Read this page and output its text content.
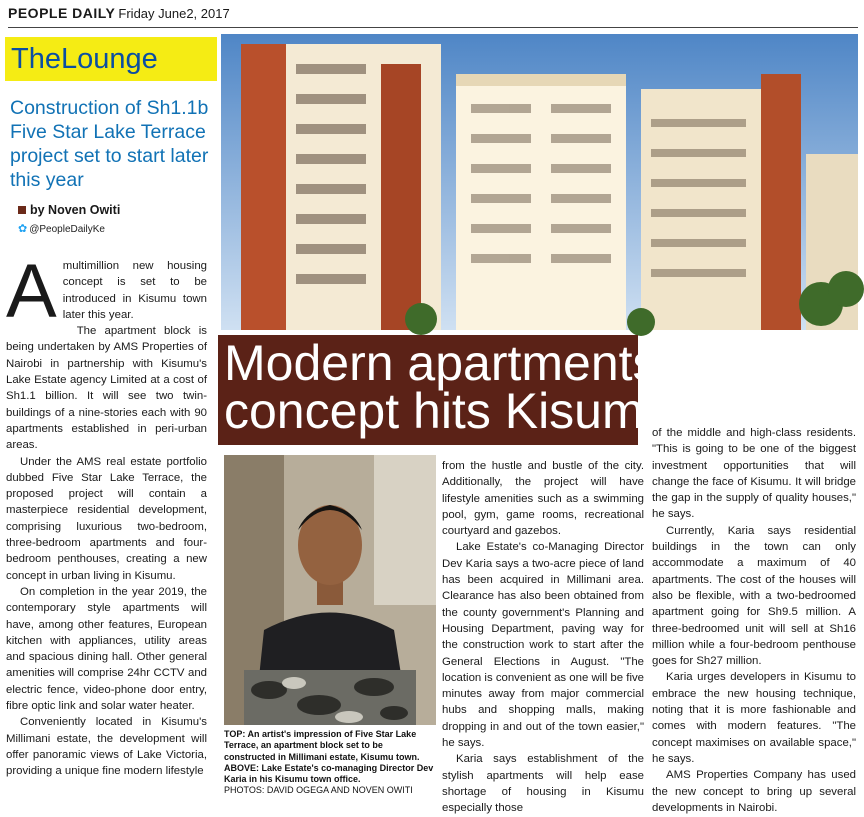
PEOPLE DAILY Friday June2, 2017
TheLounge
Construction of Sh1.1b Five Star Lake Terrace project set to start later this year
by Noven Owiti
✿ @PeopleDailyKe
Modern apartments
concept hits Kisumu
TOP: An artist's impression of Five Star Lake Terrace, an apartment block set to be constructed in Millimani estate, Kisumu town. ABOVE: Lake Estate's co-managing Director Dev Karia in his Kisumu town office.
PHOTOS: DAVID OGEGA AND NOVEN OWITI
A multimillion new housing concept is set to be introduced in Kisumu town later this year.

The apartment block is being undertaken by AMS Properties of Nairobi in partnership with Kisumu's Lake Estate agency Limited at a cost of Sh1.1 billion. It will see two twin-buildings of a nine-stories each with 90 apartments established in peri-urban areas.

Under the AMS real estate portfolio dubbed Five Star Lake Terrace, the proposed project will contain a masterpiece residential development, comprising luxurious two-bedroom, three-bedroom apartments and four-bedroom penthouses, creating a new concept in urban living in Kisumu.

On completion in the year 2019, the contemporary style apartments will have, among other features, European kitchen with appliances, utility areas and spacious dining hall. Other general amenities will comprise 24hr CCTV and electric fence, video-phone door entry, fibre optic link and solar water heater.

Conveniently located in Kisumu's Millimani estate, the development will offer panoramic views of Lake Victoria, providing a unique fine modern lifestyle

from the hustle and bustle of the city. Additionally, the project will have lifestyle amenities such as a swimming pool, gym, game rooms, recreational courtyard and gazebos.

Lake Estate's co-Managing Director Dev Karia says a two-acre piece of land has been acquired in Millimani area. Clearance has also been obtained from the county government's Planning and Housing Department, paving way for the construction work to start after the General Elections in August. "The location is convenient as one will be five minutes away from major commercial hubs and shopping malls, making dropping in and out of the town easier," he says.

Karia says establishment of the stylish apartments will help ease shortage of housing in Kisumu especially those

of the middle and high-class residents. "This is going to be one of the biggest investment opportunities that will change the face of Kisumu. It will bridge the gap in the supply of quality houses," he says.

Currently, Karia says residential buildings in the town can only accommodate a maximum of 40 apartments. The cost of the houses will also be flexible, with a two-bedroomed apartment going for Sh9.5 million. A three-bedroomed unit will sell at Sh16 million while a four-bedroom penthouse goes for Sh27 million.

Karia urges developers in Kisumu to embrace the new housing technique, noting that it is more fashionable and comes with modern features. "The concept maximises on available space," he says.

AMS Properties Company has used the new concept to bring up several developments in Nairobi.
